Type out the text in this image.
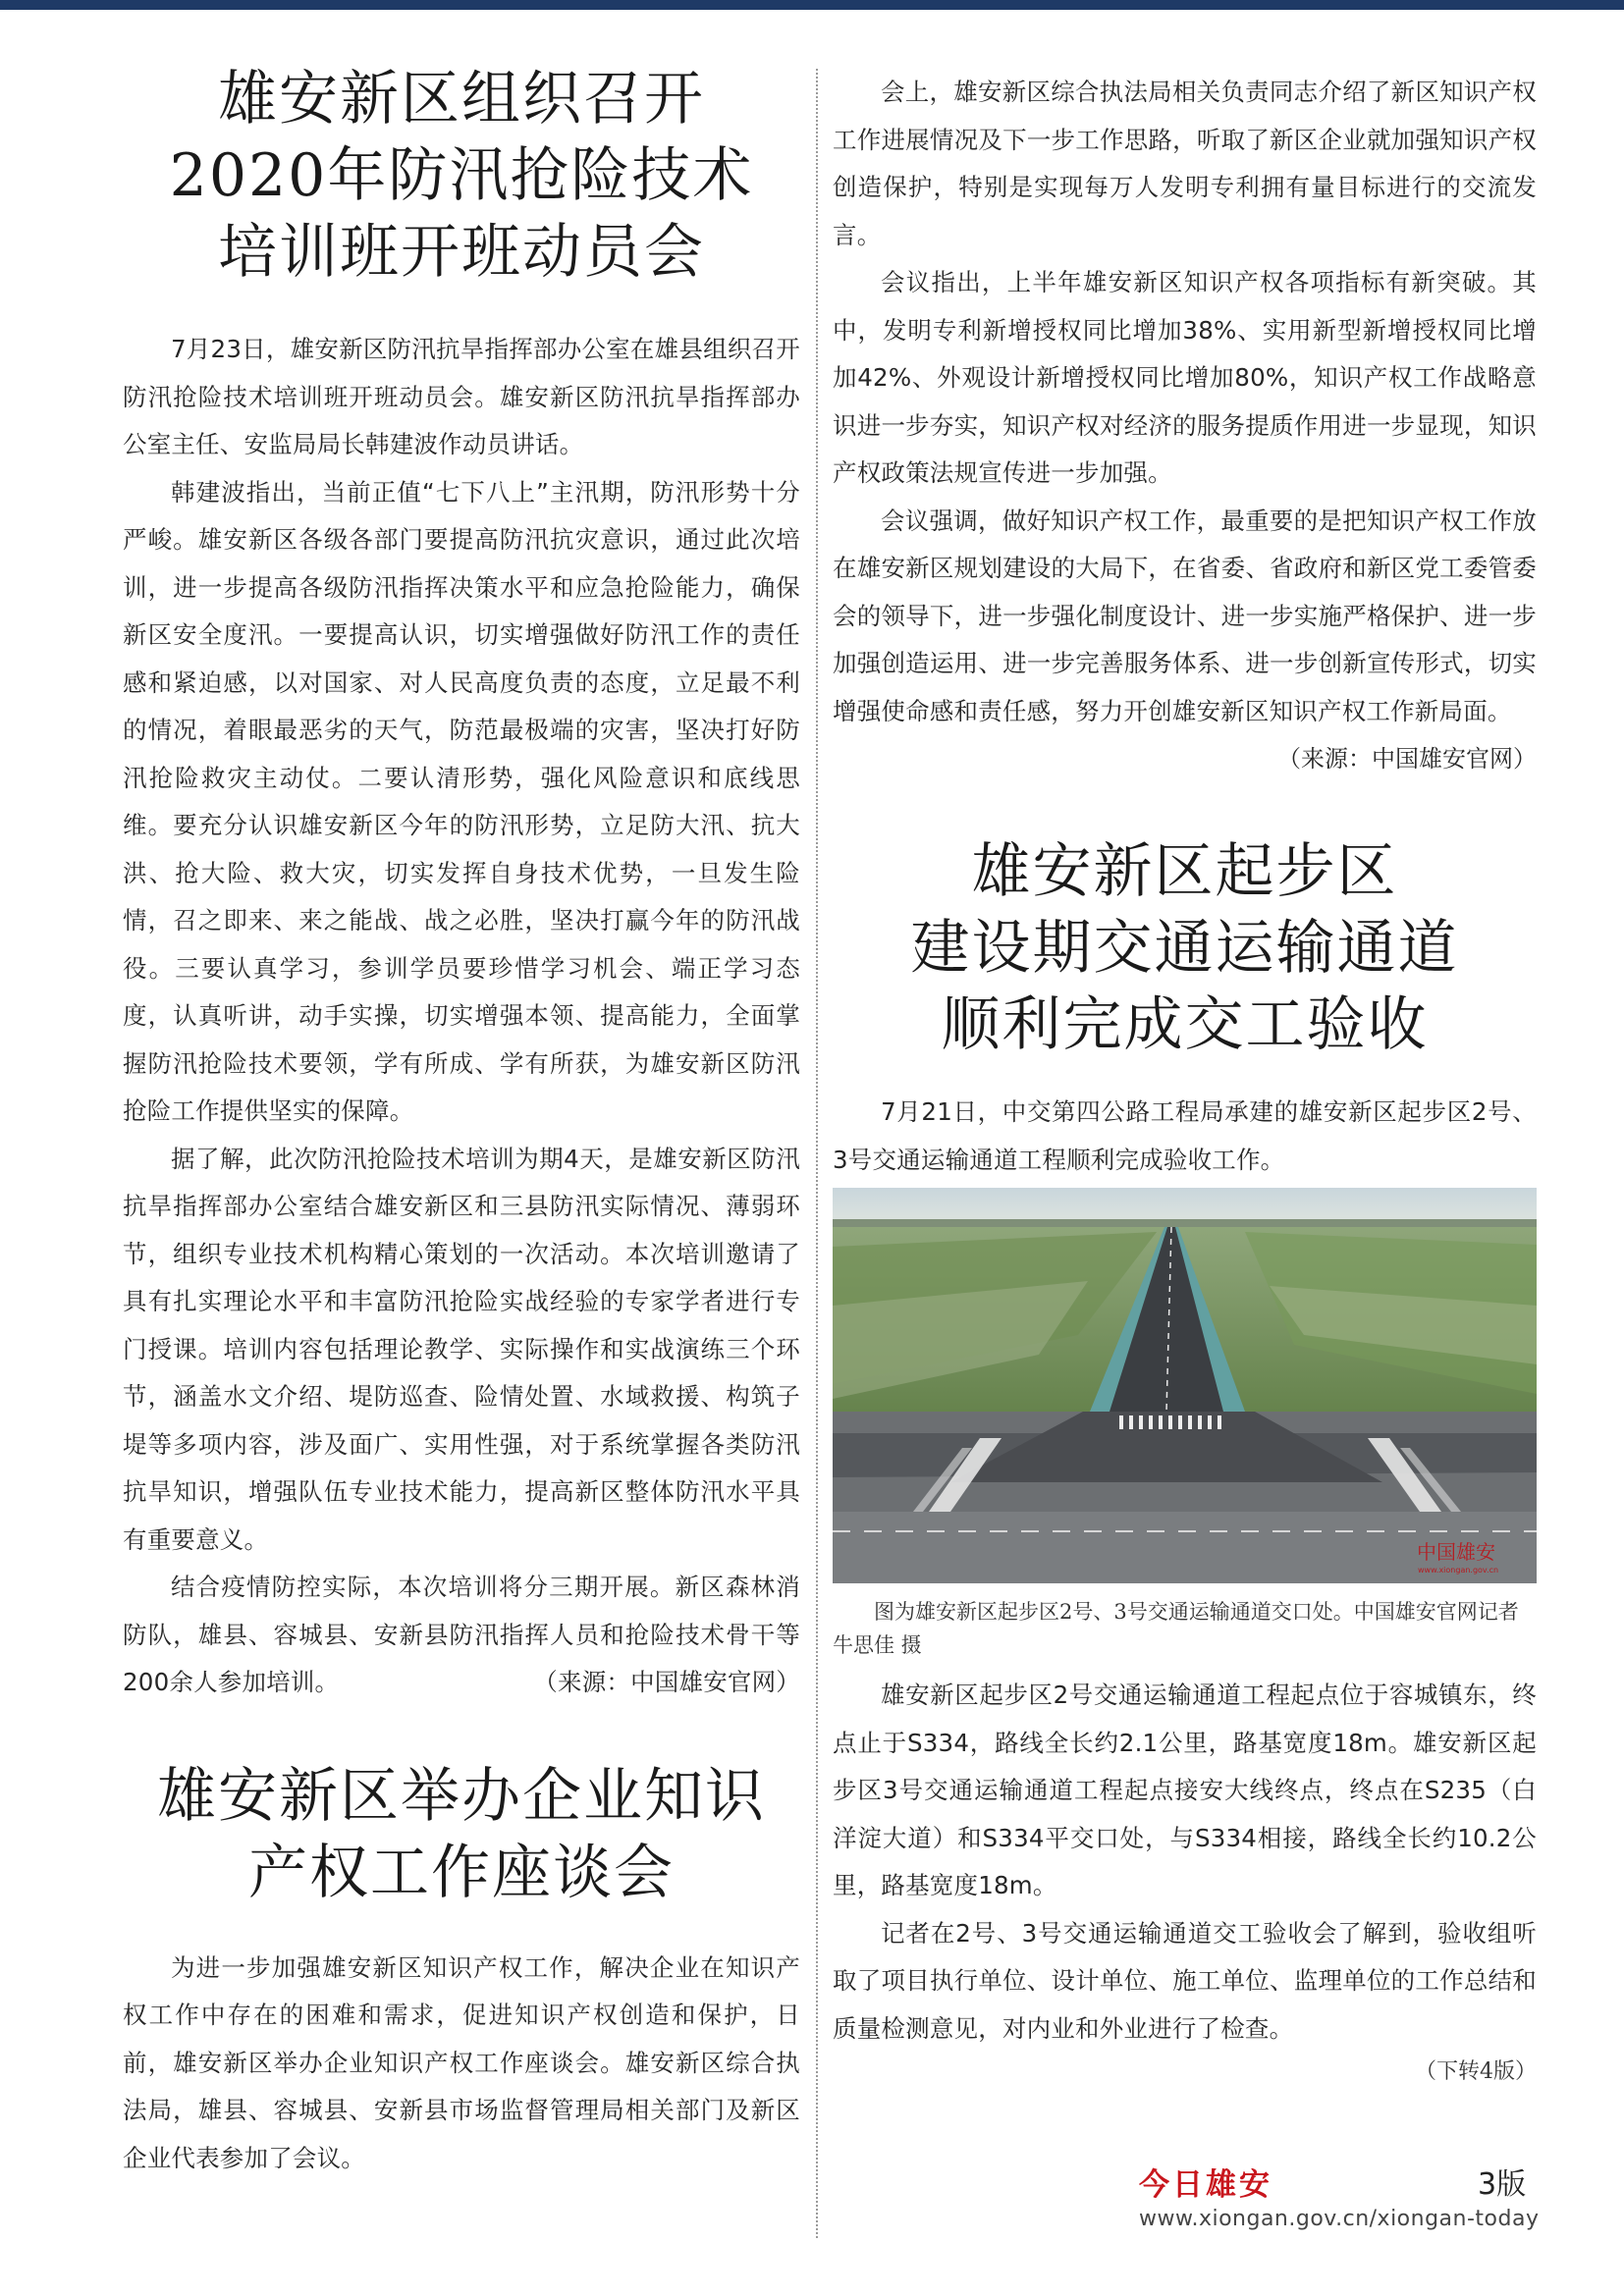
雄安新区组织召开
2020年防汛抢险技术
培训班开班动员会

7月23日，雄安新区防汛抗旱指挥部办公室在雄县组织召开防汛抢险技术培训班开班动员会。雄安新区防汛抗旱指挥部办公室主任、安监局局长韩建波作动员讲话。

韩建波指出，当前正值“七下八上”主汛期，防汛形势十分严峻。雄安新区各级各部门要提高防汛抗灾意识，通过此次培训，进一步提高各级防汛指挥决策水平和应急抢险能力，确保新区安全度汛。一要提高认识，切实增强做好防汛工作的责任感和紧迫感，以对国家、对人民高度负责的态度，立足最不利的情况，着眼最恶劣的天气，防范最极端的灾害，坚决打好防汛抢险救灾主动仗。二要认清形势，强化风险意识和底线思维。要充分认识雄安新区今年的防汛形势，立足防大汛、抗大洪、抢大险、救大灾，切实发挥自身技术优势，一旦发生险情，召之即来、来之能战、战之必胜，坚决打赢今年的防汛战役。三要认真学习，参训学员要珍惜学习机会、端正学习态度，认真听讲，动手实操，切实增强本领、提高能力，全面掌握防汛抢险技术要领，学有所成、学有所获，为雄安新区防汛抢险工作提供坚实的保障。

据了解，此次防汛抢险技术培训为期4天，是雄安新区防汛抗旱指挥部办公室结合雄安新区和三县防汛实际情况、薄弱环节，组织专业技术机构精心策划的一次活动。本次培训邀请了具有扎实理论水平和丰富防汛抢险实战经验的专家学者进行专门授课。培训内容包括理论教学、实际操作和实战演练三个环节，涵盖水文介绍、堤防巡查、险情处置、水域救援、构筑子堤等多项内容，涉及面广、实用性强，对于系统掌握各类防汛抗旱知识，增强队伍专业技术能力，提高新区整体防汛水平具有重要意义。

结合疫情防控实际，本次培训将分三期开展。新区森林消防队，雄县、容城县、安新县防汛指挥人员和抢险技术骨干等200余人参加培训。	（来源：中国雄安官网）

雄安新区举办企业知识
产权工作座谈会

为进一步加强雄安新区知识产权工作，解决企业在知识产权工作中存在的困难和需求，促进知识产权创造和保护，日前，雄安新区举办企业知识产权工作座谈会。雄安新区综合执法局，雄县、容城县、安新县市场监督管理局相关部门及新区企业代表参加了会议。

会上，雄安新区综合执法局相关负责同志介绍了新区知识产权工作进展情况及下一步工作思路，听取了新区企业就加强知识产权创造保护，特别是实现每万人发明专利拥有量目标进行的交流发言。

会议指出，上半年雄安新区知识产权各项指标有新突破。其中，发明专利新增授权同比增加38%、实用新型新增授权同比增加42%、外观设计新增授权同比增加80%，知识产权工作战略意识进一步夯实，知识产权对经济的服务提质作用进一步显现，知识产权政策法规宣传进一步加强。

会议强调，做好知识产权工作，最重要的是把知识产权工作放在雄安新区规划建设的大局下，在省委、省政府和新区党工委管委会的领导下，进一步强化制度设计、进一步实施严格保护、进一步加强创造运用、进一步完善服务体系、进一步创新宣传形式，切实增强使命感和责任感，努力开创雄安新区知识产权工作新局面。

（来源：中国雄安官网）

雄安新区起步区
建设期交通运输通道
顺利完成交工验收

7月21日，中交第四公路工程局承建的雄安新区起步区2号、3号交通运输通道工程顺利完成验收工作。

中国雄安
www.xiongan.gov.cn

图为雄安新区起步区2号、3号交通运输通道交口处。中国雄安官网记者牛思佳 摄

雄安新区起步区2号交通运输通道工程起点位于容城镇东，终点止于S334，路线全长约2.1公里，路基宽度18m。雄安新区起步区3号交通运输通道工程起点接安大线终点，终点在S235（白洋淀大道）和S334平交口处，与S334相接，路线全长约10.2公里，路基宽度18m。

记者在2号、3号交通运输通道交工验收会了解到，验收组听取了项目执行单位、设计单位、施工单位、监理单位的工作总结和质量检测意见，对内业和外业进行了检查。

（下转4版）

今日雄安	3版
www.xiongan.gov.cn/xiongan-today
